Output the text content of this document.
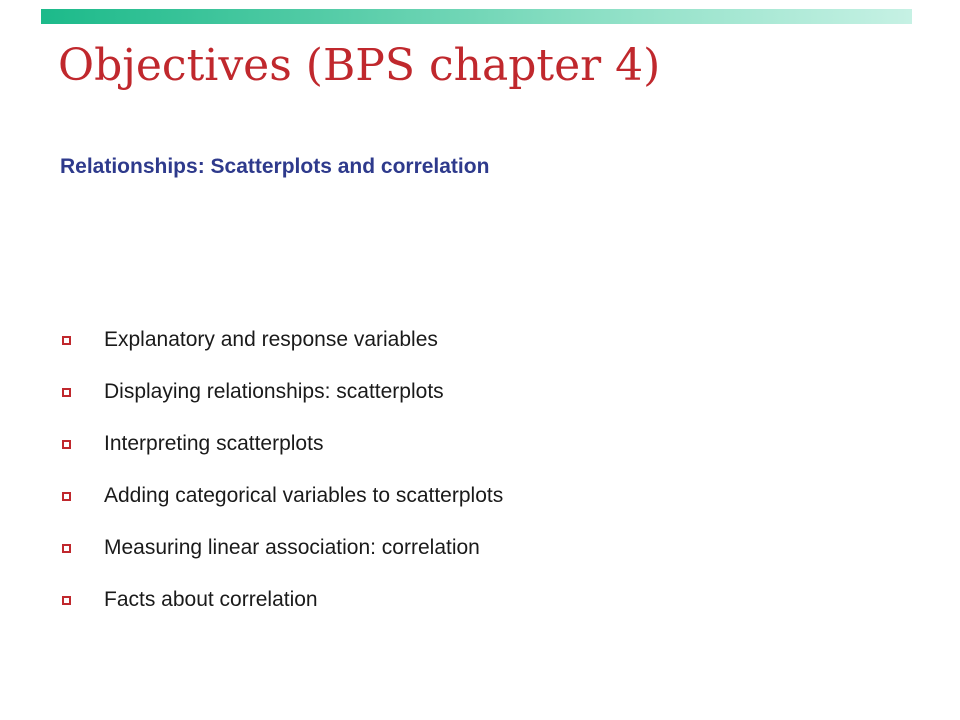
Objectives (BPS chapter 4)
Relationships: Scatterplots and correlation
Explanatory and response variables
Displaying relationships: scatterplots
Interpreting scatterplots
Adding categorical variables to scatterplots
Measuring linear association: correlation
Facts about correlation
